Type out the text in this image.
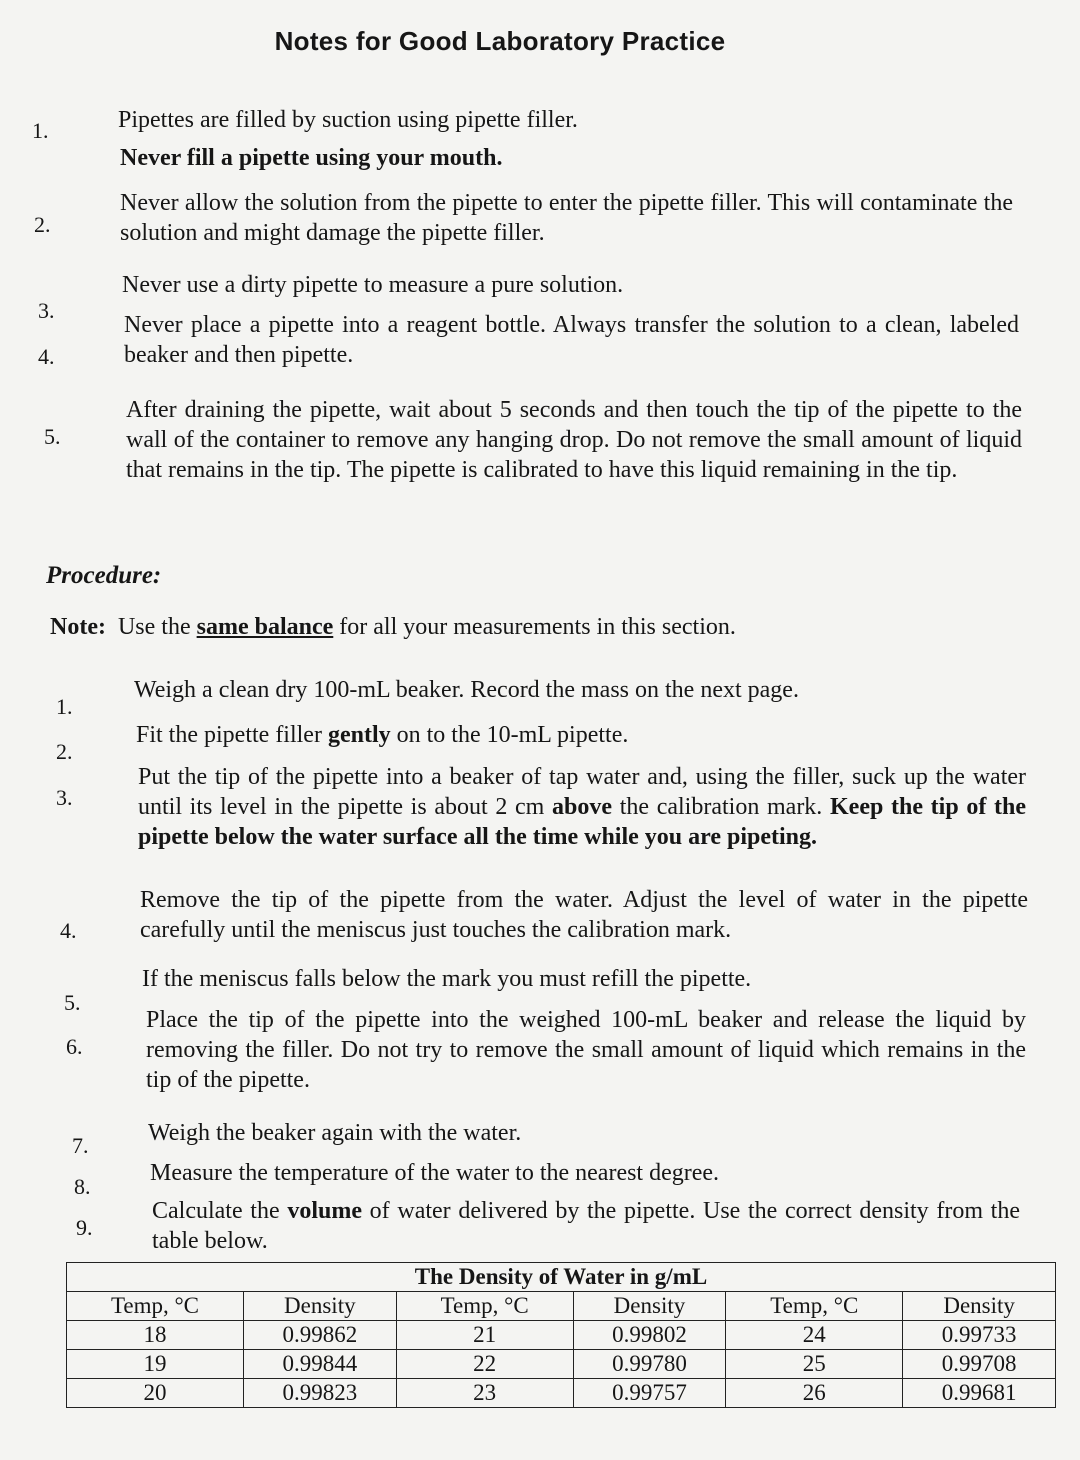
Notes for Good Laboratory Practice
1.	Pipettes are filled by suction using pipette filler.
Never fill a pipette using your mouth.
2.
Never allow the solution from the pipette to enter the pipette filler. This will contaminate the solution and might damage the pipette filler.
3.
Never use a dirty pipette to measure a pure solution.
4.
Never place a pipette into a reagent bottle. Always transfer the solution to a clean, labeled beaker and then pipette.
5.
After draining the pipette, wait about 5 seconds and then touch the tip of the pipette to the wall of the container to remove any hanging drop. Do not remove the small amount of liquid that remains in the tip. The pipette is calibrated to have this liquid remaining in the tip.
Procedure:
Note: Use the same balance for all your measurements in this section.
1.
Weigh a clean dry 100-mL beaker. Record the mass on the next page.
2.
Fit the pipette filler gently on to the 10-mL pipette.
3.
Put the tip of the pipette into a beaker of tap water and, using the filler, suck up the water until its level in the pipette is about 2 cm above the calibration mark. Keep the tip of the pipette below the water surface all the time while you are pipeting.
4.
Remove the tip of the pipette from the water. Adjust the level of water in the pipette carefully until the meniscus just touches the calibration mark.
5.
If the meniscus falls below the mark you must refill the pipette.
6.
Place the tip of the pipette into the weighed 100-mL beaker and release the liquid by removing the filler. Do not try to remove the small amount of liquid which remains in the tip of the pipette.
7. Weigh the beaker again with the water.
8.
Measure the temperature of the water to the nearest degree.
9.
Calculate the volume of water delivered by the pipette. Use the correct density from the table below.
The Density of Water in g/mL					
Temp, °C	Density	Temp, °C	Density	Temp, °C	Density
18	0.99862	21	0.99802	24	0.99733
19	0.99844	22	0.99780	25	0.99708
20	0.99823	23	0.99757	26	0.99681
